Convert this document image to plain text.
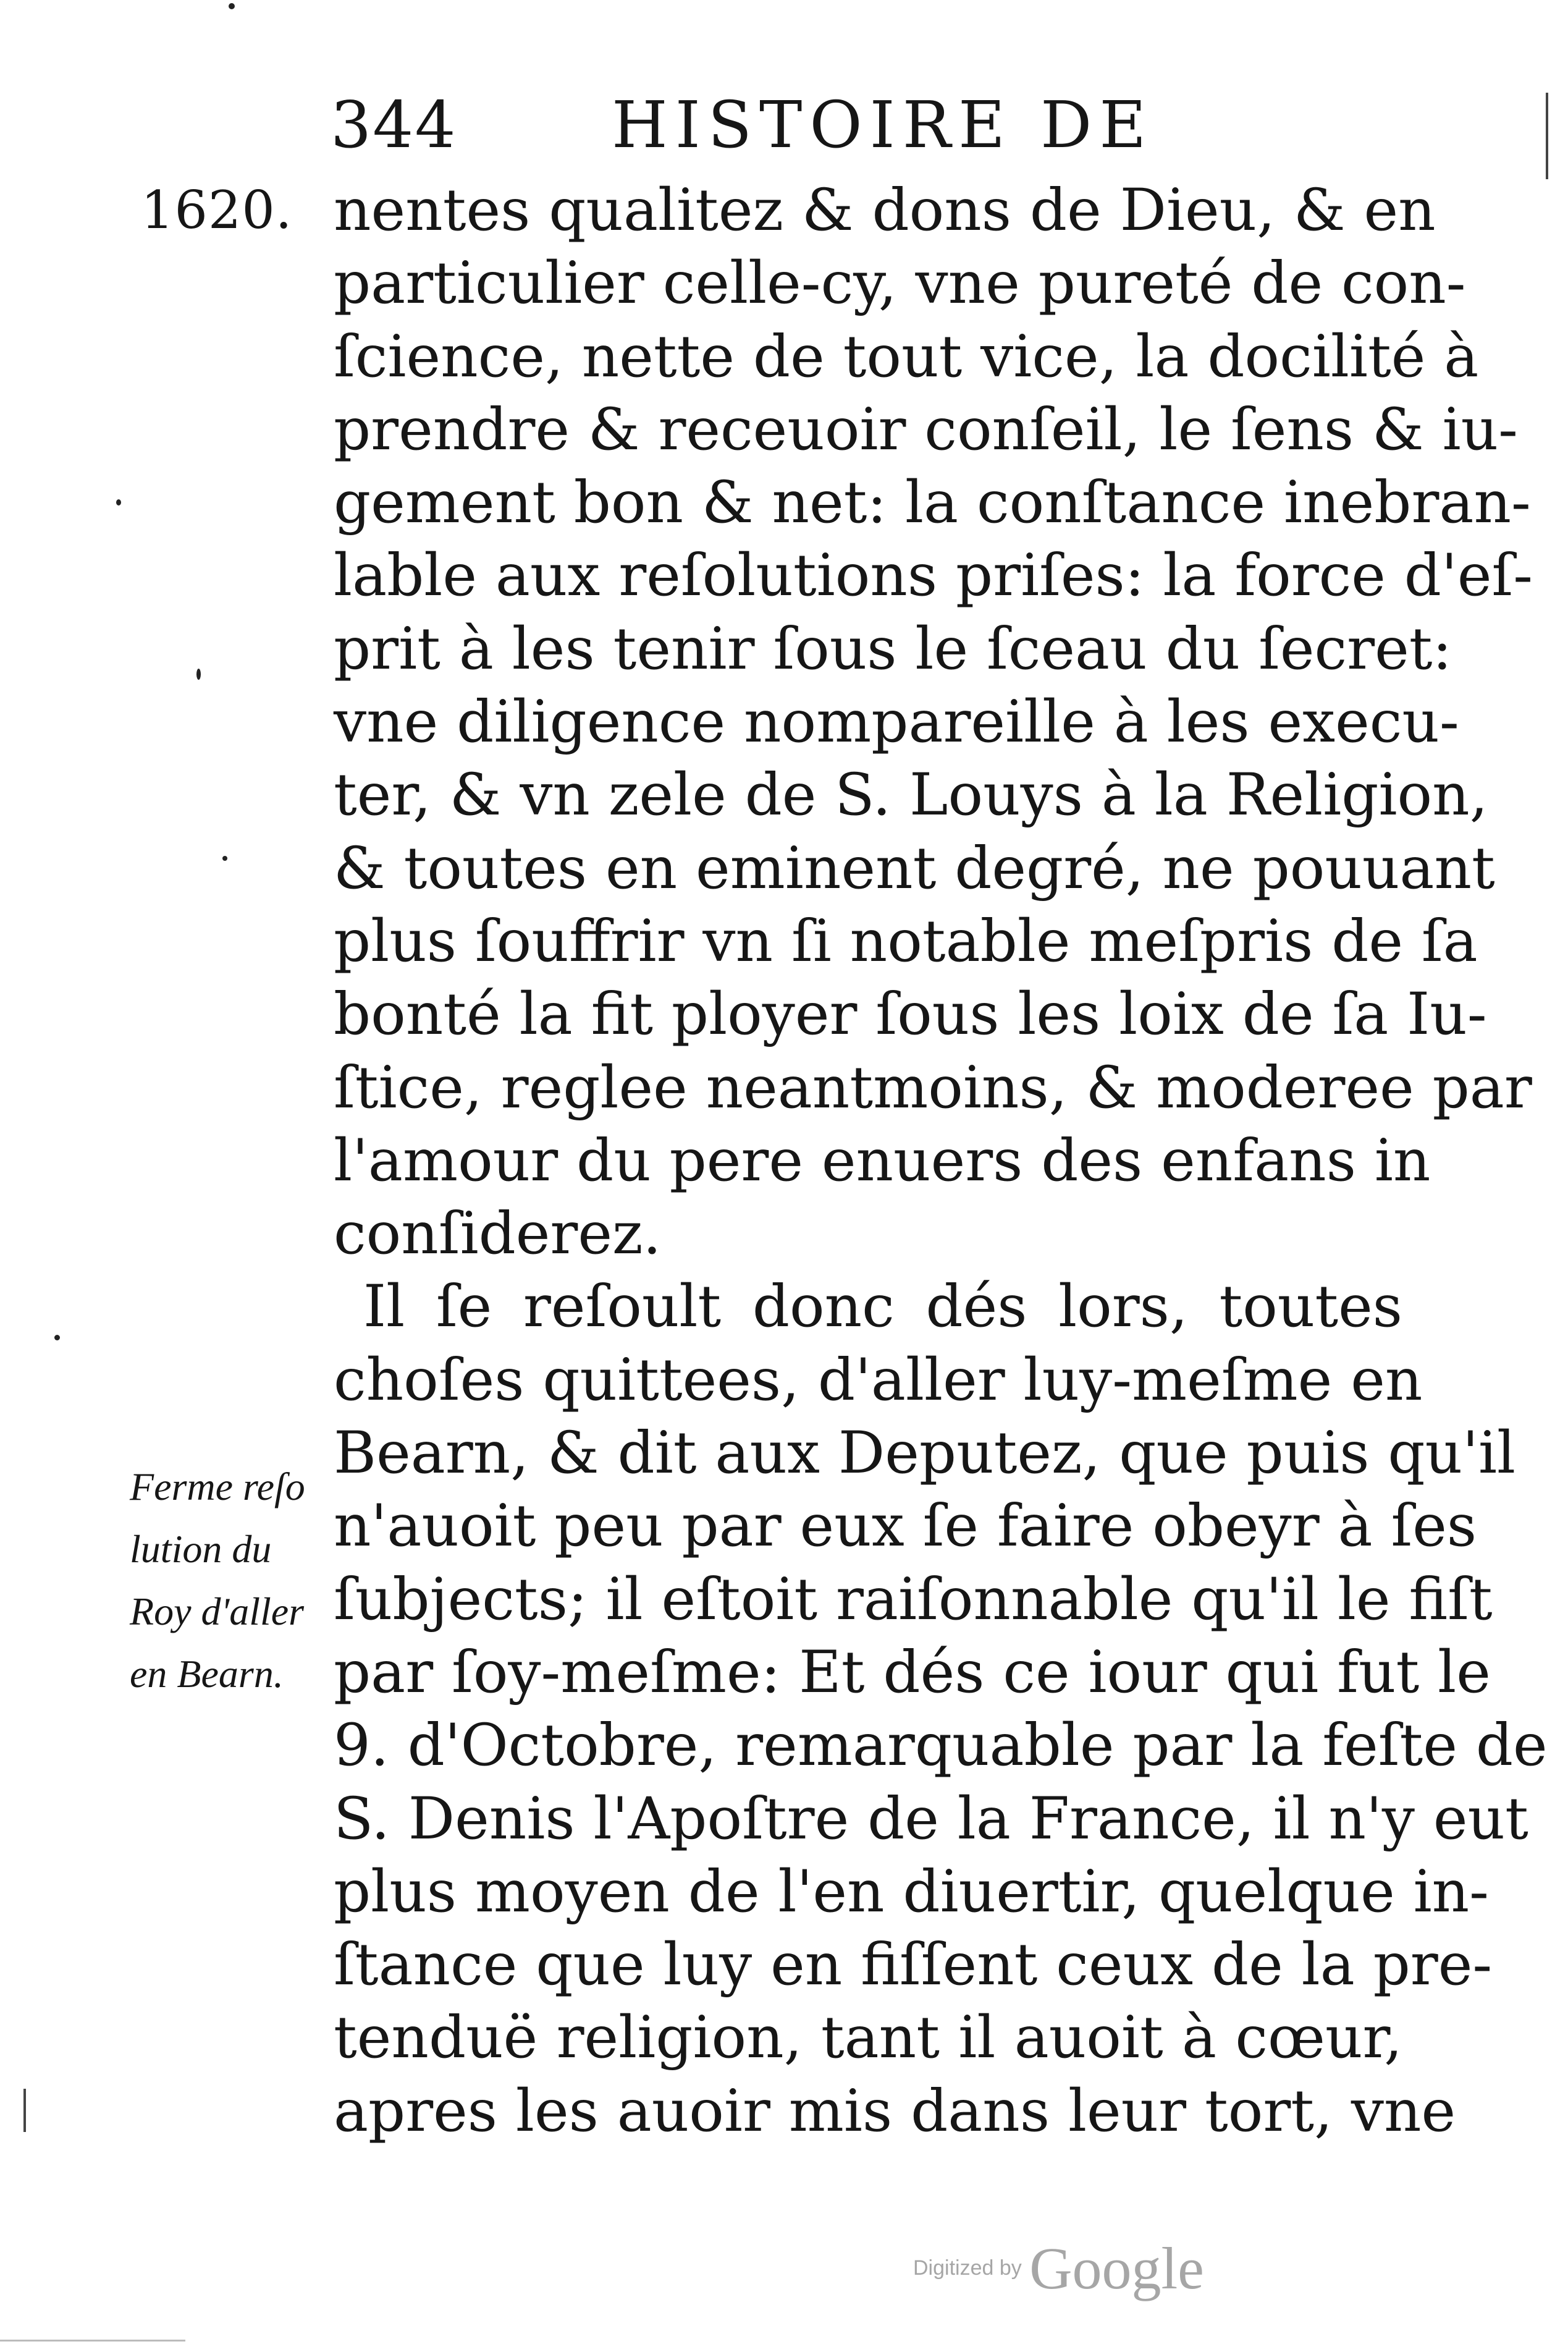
344 HISTOIRE DE
1620. nentes qualitez & dons de Dieu, & en
particulier celle-cy, vne pureté de con-
ſcience, nette de tout vice, la docilité à
prendre & receuoir conſeil, le ſens & iu-
gement bon & net: la conſtance inebran-
lable aux reſolutions priſes: la force d'eſ-
prit à les tenir ſous le ſceau du ſecret:
vne diligence nompareille à les execu-
ter, & vn zele de S. Louys à la Religion,
& toutes en eminent degré, ne pouuant
plus ſouffrir vn ſi notable meſpris de ſa
bonté la fit ployer ſous les loix de ſa Iu-
ſtice, reglee neantmoins, & moderee par
l'amour du pere enuers des enfans in
conſiderez.
Il ſe reſoult donc dés lors, toutes
choſes quittees, d'aller luy-meſme en
Bearn, & dit aux Deputez, que puis qu'il
n'auoit peu par eux ſe faire obeyr à ſes
ſubjects; il eſtoit raiſonnable qu'il le fiſt
par ſoy-meſme: Et dés ce iour qui fut le
9. d'Octobre, remarquable par la feſte de
S. Denis l'Apoſtre de la France, il n'y eut
plus moyen de l'en diuertir, quelque in-
ſtance que luy en fiſſent ceux de la pre-
tenduë religion, tant il auoit à cœur,
apres les auoir mis dans leur tort, vne
Ferme reſo
lution du
Roy d'aller
en Bearn.
Digitized by Google
